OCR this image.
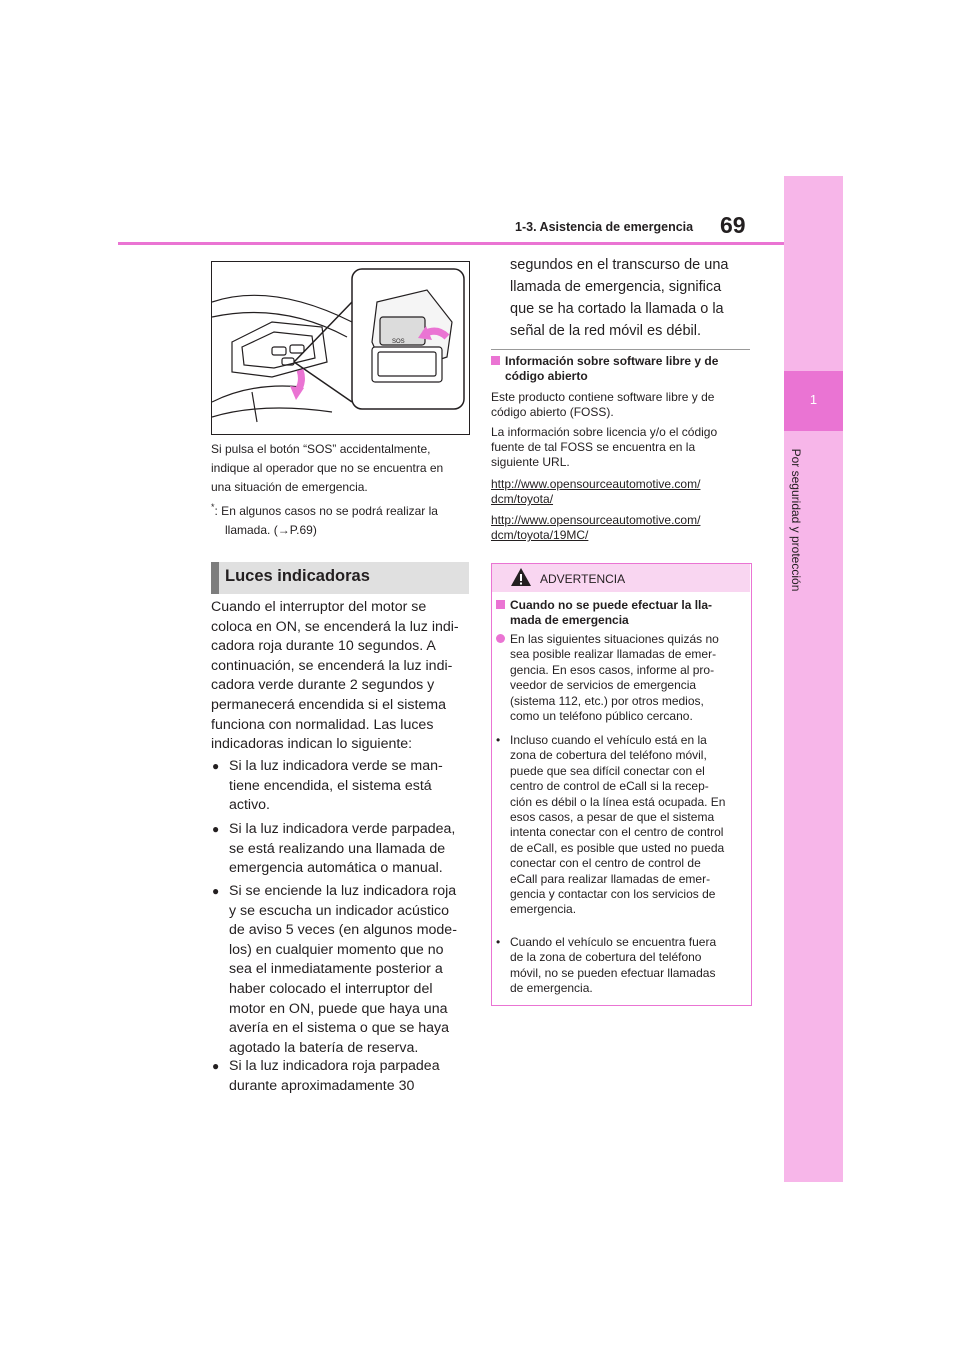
1
Por seguridad y protección
1-3. Asistencia de emergencia 69
SOS
Si pulsa el botón “SOS” accidentalmente,
indique al operador que no se encuentra en
una situación de emergencia.
*: En algunos casos no se podrá realizar la
llamada. (→P.69)
Luces indicadoras
Cuando el interruptor del motor se
coloca en ON, se encenderá la luz indi-
cadora roja durante 10 segundos. A
continuación, se encenderá la luz indi-
cadora verde durante 2 segundos y
permanecerá encendida si el sistema
funciona con normalidad. Las luces
indicadoras indican lo siguiente:
● Si la luz indicadora verde se man-
tiene encendida, el sistema está
activo.
● Si la luz indicadora verde parpadea,
se está realizando una llamada de
emergencia automática o manual.
● Si se enciende la luz indicadora roja
y se escucha un indicador acústico
de aviso 5 veces (en algunos mode-
los) en cualquier momento que no
sea el inmediatamente posterior a
haber colocado el interruptor del
motor en ON, puede que haya una
avería en el sistema o que se haya
agotado la batería de reserva.
● Si la luz indicadora roja parpadea
durante aproximadamente 30
segundos en el transcurso de una
llamada de emergencia, significa
que se ha cortado la llamada o la
señal de la red móvil es débil.
Información sobre software libre y de
código abierto
Este producto contiene software libre y de
código abierto (FOSS).
La información sobre licencia y/o el código
fuente de tal FOSS se encuentra en la
siguiente URL.
http://www.opensourceautomotive.com/
dcm/toyota/
http://www.opensourceautomotive.com/
dcm/toyota/19MC/
ADVERTENCIA
Cuando no se puede efectuar la lla-
mada de emergencia
En las siguientes situaciones quizás no
sea posible realizar llamadas de emer-
gencia. En esos casos, informe al pro-
veedor de servicios de emergencia
(sistema 112, etc.) por otros medios,
como un teléfono público cercano.
• Incluso cuando el vehículo está en la
zona de cobertura del teléfono móvil,
puede que sea difícil conectar con el
centro de control de eCall si la recep-
ción es débil o la línea está ocupada. En
esos casos, a pesar de que el sistema
intenta conectar con el centro de control
de eCall, es posible que usted no pueda
conectar con el centro de control de
eCall para realizar llamadas de emer-
gencia y contactar con los servicios de
emergencia.
• Cuando el vehículo se encuentra fuera
de la zona de cobertura del teléfono
móvil, no se pueden efectuar llamadas
de emergencia.
